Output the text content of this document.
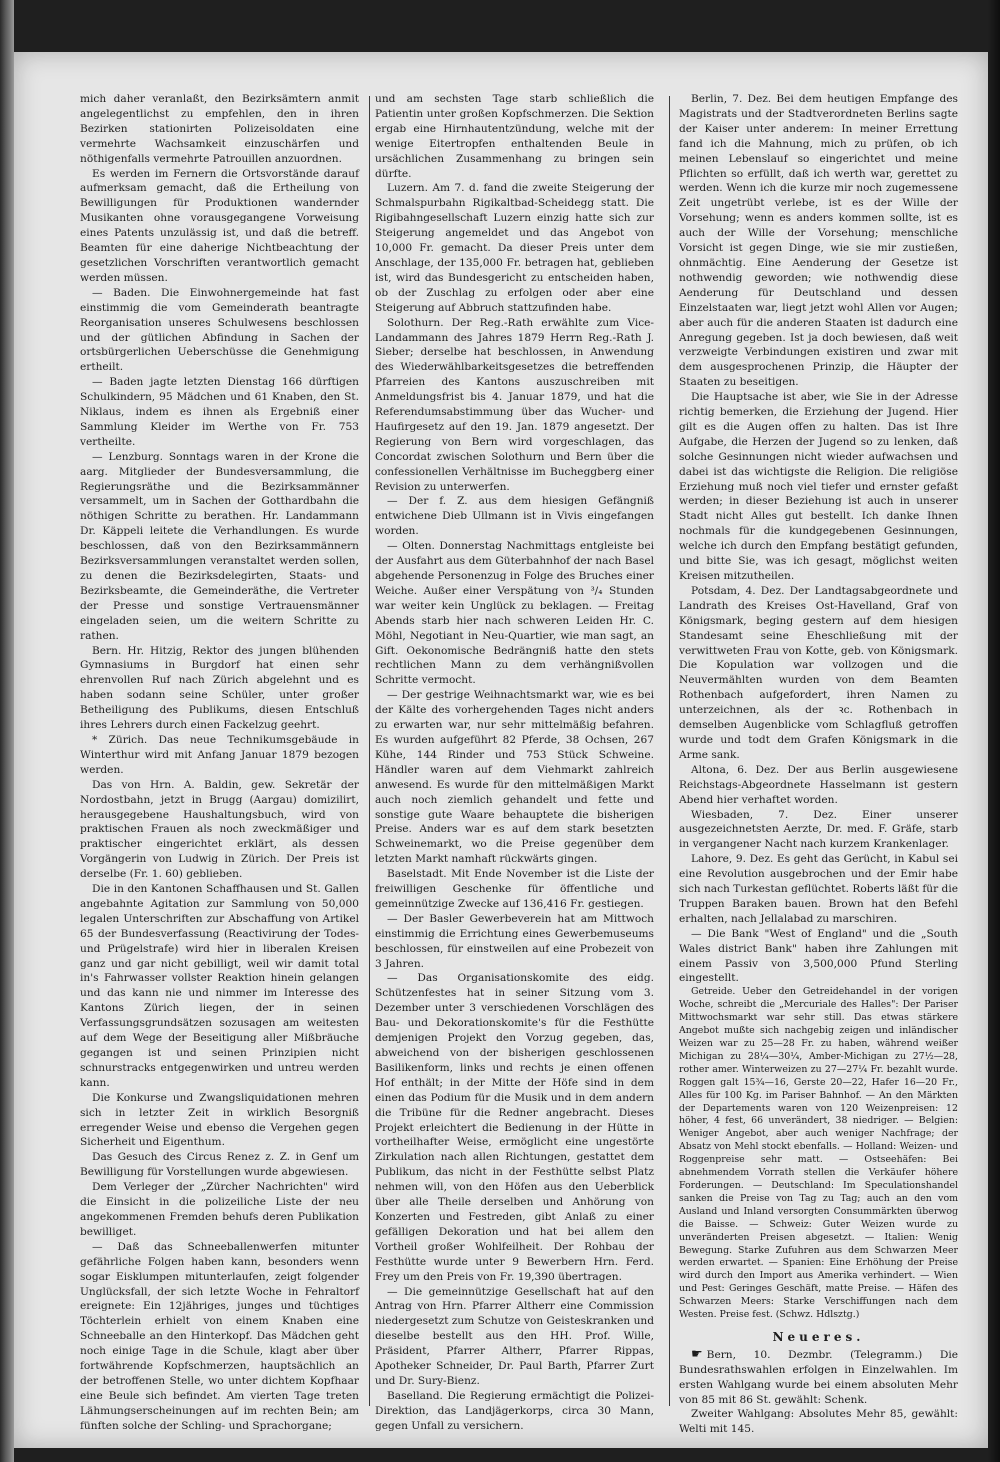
mich daher veranlaßt, den Bezirksämtern anmit angelegentlichst zu empfehlen, den in ihren Bezirken stationirten Polizeisoldaten eine vermehrte Wachsamkeit einzuschärfen und nöthigenfalls vermehrte Patrouillen anzuordnen.

Es werden im Fernern die Ortsvorstände darauf aufmerksam gemacht, daß die Ertheilung von Bewilligungen für Produktionen wandernder Musikanten ohne vorausgegangene Vorweisung eines Patents unzulässig ist, und daß die betreff. Beamten für eine daherige Nichtbeachtung der gesetzlichen Vorschriften verantwortlich gemacht werden müssen.

— Baden. Die Einwohnergemeinde hat fast einstimmig die vom Gemeinderath beantragte Reorganisation unseres Schulwesens beschlossen und der gütlichen Abfindung in Sachen der ortsbürgerlichen Ueberschüsse die Genehmigung ertheilt.

— Baden jagte letzten Dienstag 166 dürftigen Schulkindern, 95 Mädchen und 61 Knaben, den St. Niklaus, indem es ihnen als Ergebniß einer Sammlung Kleider im Werthe von Fr. 753 vertheilte.

— Lenzburg. Sonntags waren in der Krone die aarg. Mitglieder der Bundesversammlung, die Regierungsräthe und die Bezirksammänner versammelt, um in Sachen der Gotthardbahn die nöthigen Schritte zu berathen. Hr. Landammann Dr. Käppeli leitete die Verhandlungen. Es wurde beschlossen, daß von den Bezirksammännern Bezirksversammlungen veranstaltet werden sollen, zu denen die Bezirksdelegirten, Staats- und Bezirksbeamte, die Gemeinderäthe, die Vertreter der Presse und sonstige Vertrauensmänner eingeladen seien, um die weitern Schritte zu rathen.

Bern. Hr. Hitzig, Rektor des jungen blühenden Gymnasiums in Burgdorf hat einen sehr ehrenvollen Ruf nach Zürich abgelehnt und es haben sodann seine Schüler, unter großer Betheiligung des Publikums, diesen Entschluß ihres Lehrers durch einen Fackelzug geehrt.

* Zürich. Das neue Technikumsgebäude in Winterthur wird mit Anfang Januar 1879 bezogen werden.

Das von Hrn. A. Baldin, gew. Sekretär der Nordostbahn, jetzt in Brugg (Aargau) domizilirt, herausgegebene Haushaltungsbuch, wird von praktischen Frauen als noch zweckmäßiger und praktischer eingerichtet erklärt, als dessen Vorgängerin von Ludwig in Zürich. Der Preis ist derselbe (Fr. 1. 60) geblieben.

Die in den Kantonen Schaffhausen und St. Gallen angebahnte Agitation zur Sammlung von 50,000 legalen Unterschriften zur Abschaffung von Artikel 65 der Bundesverfassung (Reactivirung der Todes- und Prügelstrafe) wird hier in liberalen Kreisen ganz und gar nicht gebilligt, weil wir damit total in's Fahrwasser vollster Reaktion hinein gelangen und das kann nie und nimmer im Interesse des Kantons Zürich liegen, der in seinen Verfassungsgrundsätzen sozusagen am weitesten auf dem Wege der Beseitigung aller Mißbräuche gegangen ist und seinen Prinzipien nicht schnurstracks entgegenwirken und untreu werden kann.

Die Konkurse und Zwangsliquidationen mehren sich in letzter Zeit in wirklich Besorgniß erregender Weise und ebenso die Vergehen gegen Sicherheit und Eigenthum.

Das Gesuch des Circus Renez z. Z. in Genf um Bewilligung für Vorstellungen wurde abgewiesen.

Dem Verleger der „Zürcher Nachrichten" wird die Einsicht in die polizeiliche Liste der neu angekommenen Fremden behufs deren Publikation bewilliget.

— Daß das Schneeballenwerfen mitunter gefährliche Folgen haben kann, besonders wenn sogar Eisklumpen mitunterlaufen, zeigt folgender Unglücksfall, der sich letzte Woche in Fehraltorf ereignete: Ein 12jähriges, junges und tüchtiges Töchterlein erhielt von einem Knaben eine Schneeballe an den Hinterkopf. Das Mädchen geht noch einige Tage in die Schule, klagt aber über fortwährende Kopfschmerzen, hauptsächlich an der betroffenen Stelle, wo unter dichtem Kopfhaar eine Beule sich befindet. Am vierten Tage treten Lähmungserscheinungen auf im rechten Bein; am fünften solche der Schling- und Sprachorgane;

und am sechsten Tage starb schließlich die Patientin unter großen Kopfschmerzen. Die Sektion ergab eine Hirnhautentzündung, welche mit der wenige Eitertropfen enthaltenden Beule in ursächlichen Zusammenhang zu bringen sein dürfte.

Luzern. Am 7. d. fand die zweite Steigerung der Schmalspurbahn Rigikaltbad-Scheidegg statt. Die Rigibahngesellschaft Luzern einzig hatte sich zur Steigerung angemeldet und das Angebot von 10,000 Fr. gemacht. Da dieser Preis unter dem Anschlage, der 135,000 Fr. betragen hat, geblieben ist, wird das Bundesgericht zu entscheiden haben, ob der Zuschlag zu erfolgen oder aber eine Steigerung auf Abbruch stattzufinden habe.

Solothurn. Der Reg.-Rath erwählte zum Vice-Landammann des Jahres 1879 Herrn Reg.-Rath J. Sieber; derselbe hat beschlossen, in Anwendung des Wiederwählbarkeitsgesetzes die betreffenden Pfarreien des Kantons auszuschreiben mit Anmeldungsfrist bis 4. Januar 1879, und hat die Referendumsabstimmung über das Wucher- und Haufirgesetz auf den 19. Jan. 1879 angesetzt. Der Regierung von Bern wird vorgeschlagen, das Concordat zwischen Solothurn und Bern über die confessionellen Verhältnisse im Bucheggberg einer Revision zu unterwerfen.

— Der f. Z. aus dem hiesigen Gefängniß entwichene Dieb Ullmann ist in Vivis eingefangen worden.

— Olten. Donnerstag Nachmittags entgleiste bei der Ausfahrt aus dem Güterbahnhof der nach Basel abgehende Personenzug in Folge des Bruches einer Weiche. Außer einer Verspätung von ³/₄ Stunden war weiter kein Unglück zu beklagen. — Freitag Abends starb hier nach schweren Leiden Hr. C. Möhl, Negotiant in Neu-Quartier, wie man sagt, an Gift. Oekonomische Bedrängniß hatte den stets rechtlichen Mann zu dem verhängnißvollen Schritte vermocht.

— Der gestrige Weihnachtsmarkt war, wie es bei der Kälte des vorhergehenden Tages nicht anders zu erwarten war, nur sehr mittelmäßig befahren. Es wurden aufgeführt 82 Pferde, 38 Ochsen, 267 Kühe, 144 Rinder und 753 Stück Schweine. Händler waren auf dem Viehmarkt zahlreich anwesend. Es wurde für den mittelmäßigen Markt auch noch ziemlich gehandelt und fette und sonstige gute Waare behauptete die bisherigen Preise. Anders war es auf dem stark besetzten Schweinemarkt, wo die Preise gegenüber dem letzten Markt namhaft rückwärts gingen.

Baselstadt. Mit Ende November ist die Liste der freiwilligen Geschenke für öffentliche und gemeinnützige Zwecke auf 136,416 Fr. gestiegen.

— Der Basler Gewerbeverein hat am Mittwoch einstimmig die Errichtung eines Gewerbemuseums beschlossen, für einstweilen auf eine Probezeit von 3 Jahren.

— Das Organisationskomite des eidg. Schützenfestes hat in seiner Sitzung vom 3. Dezember unter 3 verschiedenen Vorschlägen des Bau- und Dekorationskomite's für die Festhütte demjenigen Projekt den Vorzug gegeben, das, abweichend von der bisherigen geschlossenen Basilikenform, links und rechts je einen offenen Hof enthält; in der Mitte der Höfe sind in dem einen das Podium für die Musik und in dem andern die Tribüne für die Redner angebracht. Dieses Projekt erleichtert die Bedienung in der Hütte in vortheilhafter Weise, ermöglicht eine ungestörte Zirkulation nach allen Richtungen, gestattet dem Publikum, das nicht in der Festhütte selbst Platz nehmen will, von den Höfen aus den Ueberblick über alle Theile derselben und Anhörung von Konzerten und Festreden, gibt Anlaß zu einer gefälligen Dekoration und hat bei allem den Vortheil großer Wohlfeilheit. Der Rohbau der Festhütte wurde unter 9 Bewerbern Hrn. Ferd. Frey um den Preis von Fr. 19,390 übertragen.

— Die gemeinnützige Gesellschaft hat auf den Antrag von Hrn. Pfarrer Altherr eine Commission niedergesetzt zum Schutze von Geisteskranken und dieselbe bestellt aus den HH. Prof. Wille, Präsident, Pfarrer Altherr, Pfarrer Rippas, Apotheker Schneider, Dr. Paul Barth, Pfarrer Zurt und Dr. Sury-Bienz.

Baselland. Die Regierung ermächtigt die Polizei-Direktion, das Landjägerkorps, circa 30 Mann, gegen Unfall zu versichern.

Berlin, 7. Dez. Bei dem heutigen Empfange des Magistrats und der Stadtverordneten Berlins sagte der Kaiser unter anderem: In meiner Errettung fand ich die Mahnung, mich zu prüfen, ob ich meinen Lebenslauf so eingerichtet und meine Pflichten so erfüllt, daß ich werth war, gerettet zu werden. Wenn ich die kurze mir noch zugemessene Zeit ungetrübt verlebe, ist es der Wille der Vorsehung; wenn es anders kommen sollte, ist es auch der Wille der Vorsehung; menschliche Vorsicht ist gegen Dinge, wie sie mir zustießen, ohnmächtig. Eine Aenderung der Gesetze ist nothwendig geworden; wie nothwendig diese Aenderung für Deutschland und dessen Einzelstaaten war, liegt jetzt wohl Allen vor Augen; aber auch für die anderen Staaten ist dadurch eine Anregung gegeben. Ist ja doch bewiesen, daß weit verzweigte Verbindungen existiren und zwar mit dem ausgesprochenen Prinzip, die Häupter der Staaten zu beseitigen.

Die Hauptsache ist aber, wie Sie in der Adresse richtig bemerken, die Erziehung der Jugend. Hier gilt es die Augen offen zu halten. Das ist Ihre Aufgabe, die Herzen der Jugend so zu lenken, daß solche Gesinnungen nicht wieder aufwachsen und dabei ist das wichtigste die Religion. Die religiöse Erziehung muß noch viel tiefer und ernster gefaßt werden; in dieser Beziehung ist auch in unserer Stadt nicht Alles gut bestellt. Ich danke Ihnen nochmals für die kundgegebenen Gesinnungen, welche ich durch den Empfang bestätigt gefunden, und bitte Sie, was ich gesagt, möglichst weiten Kreisen mitzutheilen.

Potsdam, 4. Dez. Der Landtagsabgeordnete und Landrath des Kreises Ost-Havelland, Graf von Königsmark, beging gestern auf dem hiesigen Standesamt seine Eheschließung mit der verwittweten Frau von Kotte, geb. von Königsmark. Die Kopulation war vollzogen und die Neuvermählten wurden von dem Beamten Rothenbach aufgefordert, ihren Namen zu unterzeichnen, als der ꝛc. Rothenbach in demselben Augenblicke vom Schlagfluß getroffen wurde und todt dem Grafen Königsmark in die Arme sank.

Altona, 6. Dez. Der aus Berlin ausgewiesene Reichstags-Abgeordnete Hasselmann ist gestern Abend hier verhaftet worden.

Wiesbaden, 7. Dez. Einer unserer ausgezeichnetsten Aerzte, Dr. med. F. Gräfe, starb in vergangener Nacht nach kurzem Krankenlager.

Lahore, 9. Dez. Es geht das Gerücht, in Kabul sei eine Revolution ausgebrochen und der Emir habe sich nach Turkestan geflüchtet. Roberts läßt für die Truppen Baraken bauen. Brown hat den Befehl erhalten, nach Jellalabad zu marschiren.

— Die Bank "West of England" und die „South Wales district Bank" haben ihre Zahlungen mit einem Passiv von 3,500,000 Pfund Sterling eingestellt.

Getreide. Ueber den Getreidehandel in der vorigen Woche, schreibt die „Mercuriale des Halles": Der Pariser Mittwochsmarkt war sehr still. Das etwas stärkere Angebot mußte sich nachgebig zeigen und inländischer Weizen war zu 25—28 Fr. zu haben, während weißer Michigan zu 28¼—30¼, Amber-Michigan zu 27½—28, rother amer. Winterweizen zu 27—27¼ Fr. bezahlt wurde. Roggen galt 15¾—16, Gerste 20—22, Hafer 16—20 Fr., Alles für 100 Kg. im Pariser Bahnhof. — An den Märkten der Departements waren von 120 Weizenpreisen: 12 höher, 4 fest, 66 unverändert, 38 niedriger. — Belgien: Weniger Angebot, aber auch weniger Nachfrage; der Absatz von Mehl stockt ebenfalls. — Holland: Weizen- und Roggenpreise sehr matt. — Ostseehäfen: Bei abnehmendem Vorrath stellen die Verkäufer höhere Forderungen. — Deutschland: Im Speculationshandel sanken die Preise von Tag zu Tag; auch an den vom Ausland und Inland versorgten Consummärkten überwog die Baisse. — Schweiz: Guter Weizen wurde zu unveränderten Preisen abgesetzt. — Italien: Wenig Bewegung. Starke Zufuhren aus dem Schwarzen Meer werden erwartet. — Spanien: Eine Erhöhung der Preise wird durch den Import aus Amerika verhindert. — Wien und Pest: Geringes Geschäft, matte Preise. — Häfen des Schwarzen Meers: Starke Verschiffungen nach dem Westen. Preise fest. (Schwz. Hdlsztg.)

Neueres.

☛ Bern, 10. Dezmbr. (Telegramm.) Die Bundesrathswahlen erfolgen in Einzelwahlen. Im ersten Wahlgang wurde bei einem absoluten Mehr von 85 mit 86 St. gewählt: Schenk.

Zweiter Wahlgang: Absolutes Mehr 85, gewählt: Welti mit 145.
